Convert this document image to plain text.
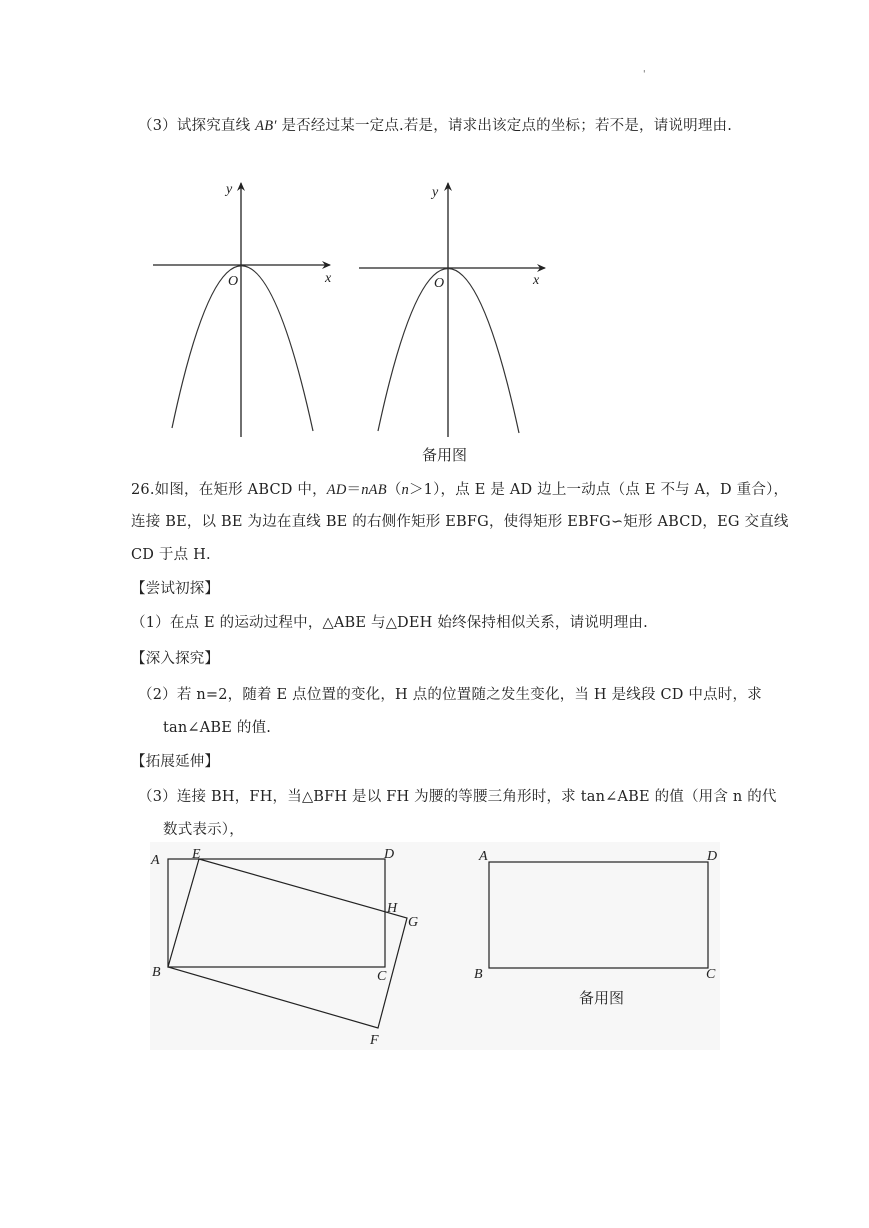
'
（3）试探究直线 AB′ 是否经过某一定点.若是，请求出该定点的坐标；若不是，请说明理由.
y
x
O
y
x
O
备用图
26.如图，在矩形 ABCD 中，AD＝nAB（n＞1），点 E 是 AD 边上一动点（点 E 不与 A，D 重合），
连接 BE，以 BE 为边在直线 BE 的右侧作矩形 EBFG，使得矩形 EBFG∽矩形 ABCD，EG 交直线
CD 于点 H.
【尝试初探】
（1）在点 E 的运动过程中，△ABE 与△DEH 始终保持相似关系，请说明理由.
【深入探究】
（2）若 n=2，随着 E 点位置的变化，H 点的位置随之发生变化，当 H 是线段 CD 中点时，求
tan∠ABE 的值.
【拓展延伸】
（3）连接 BH，FH，当△BFH 是以 FH 为腰的等腰三角形时，求 tan∠ABE 的值（用含 n 的代
数式表示），
A E	D
H
G
B	C
F
A	D
B	C
备用图
